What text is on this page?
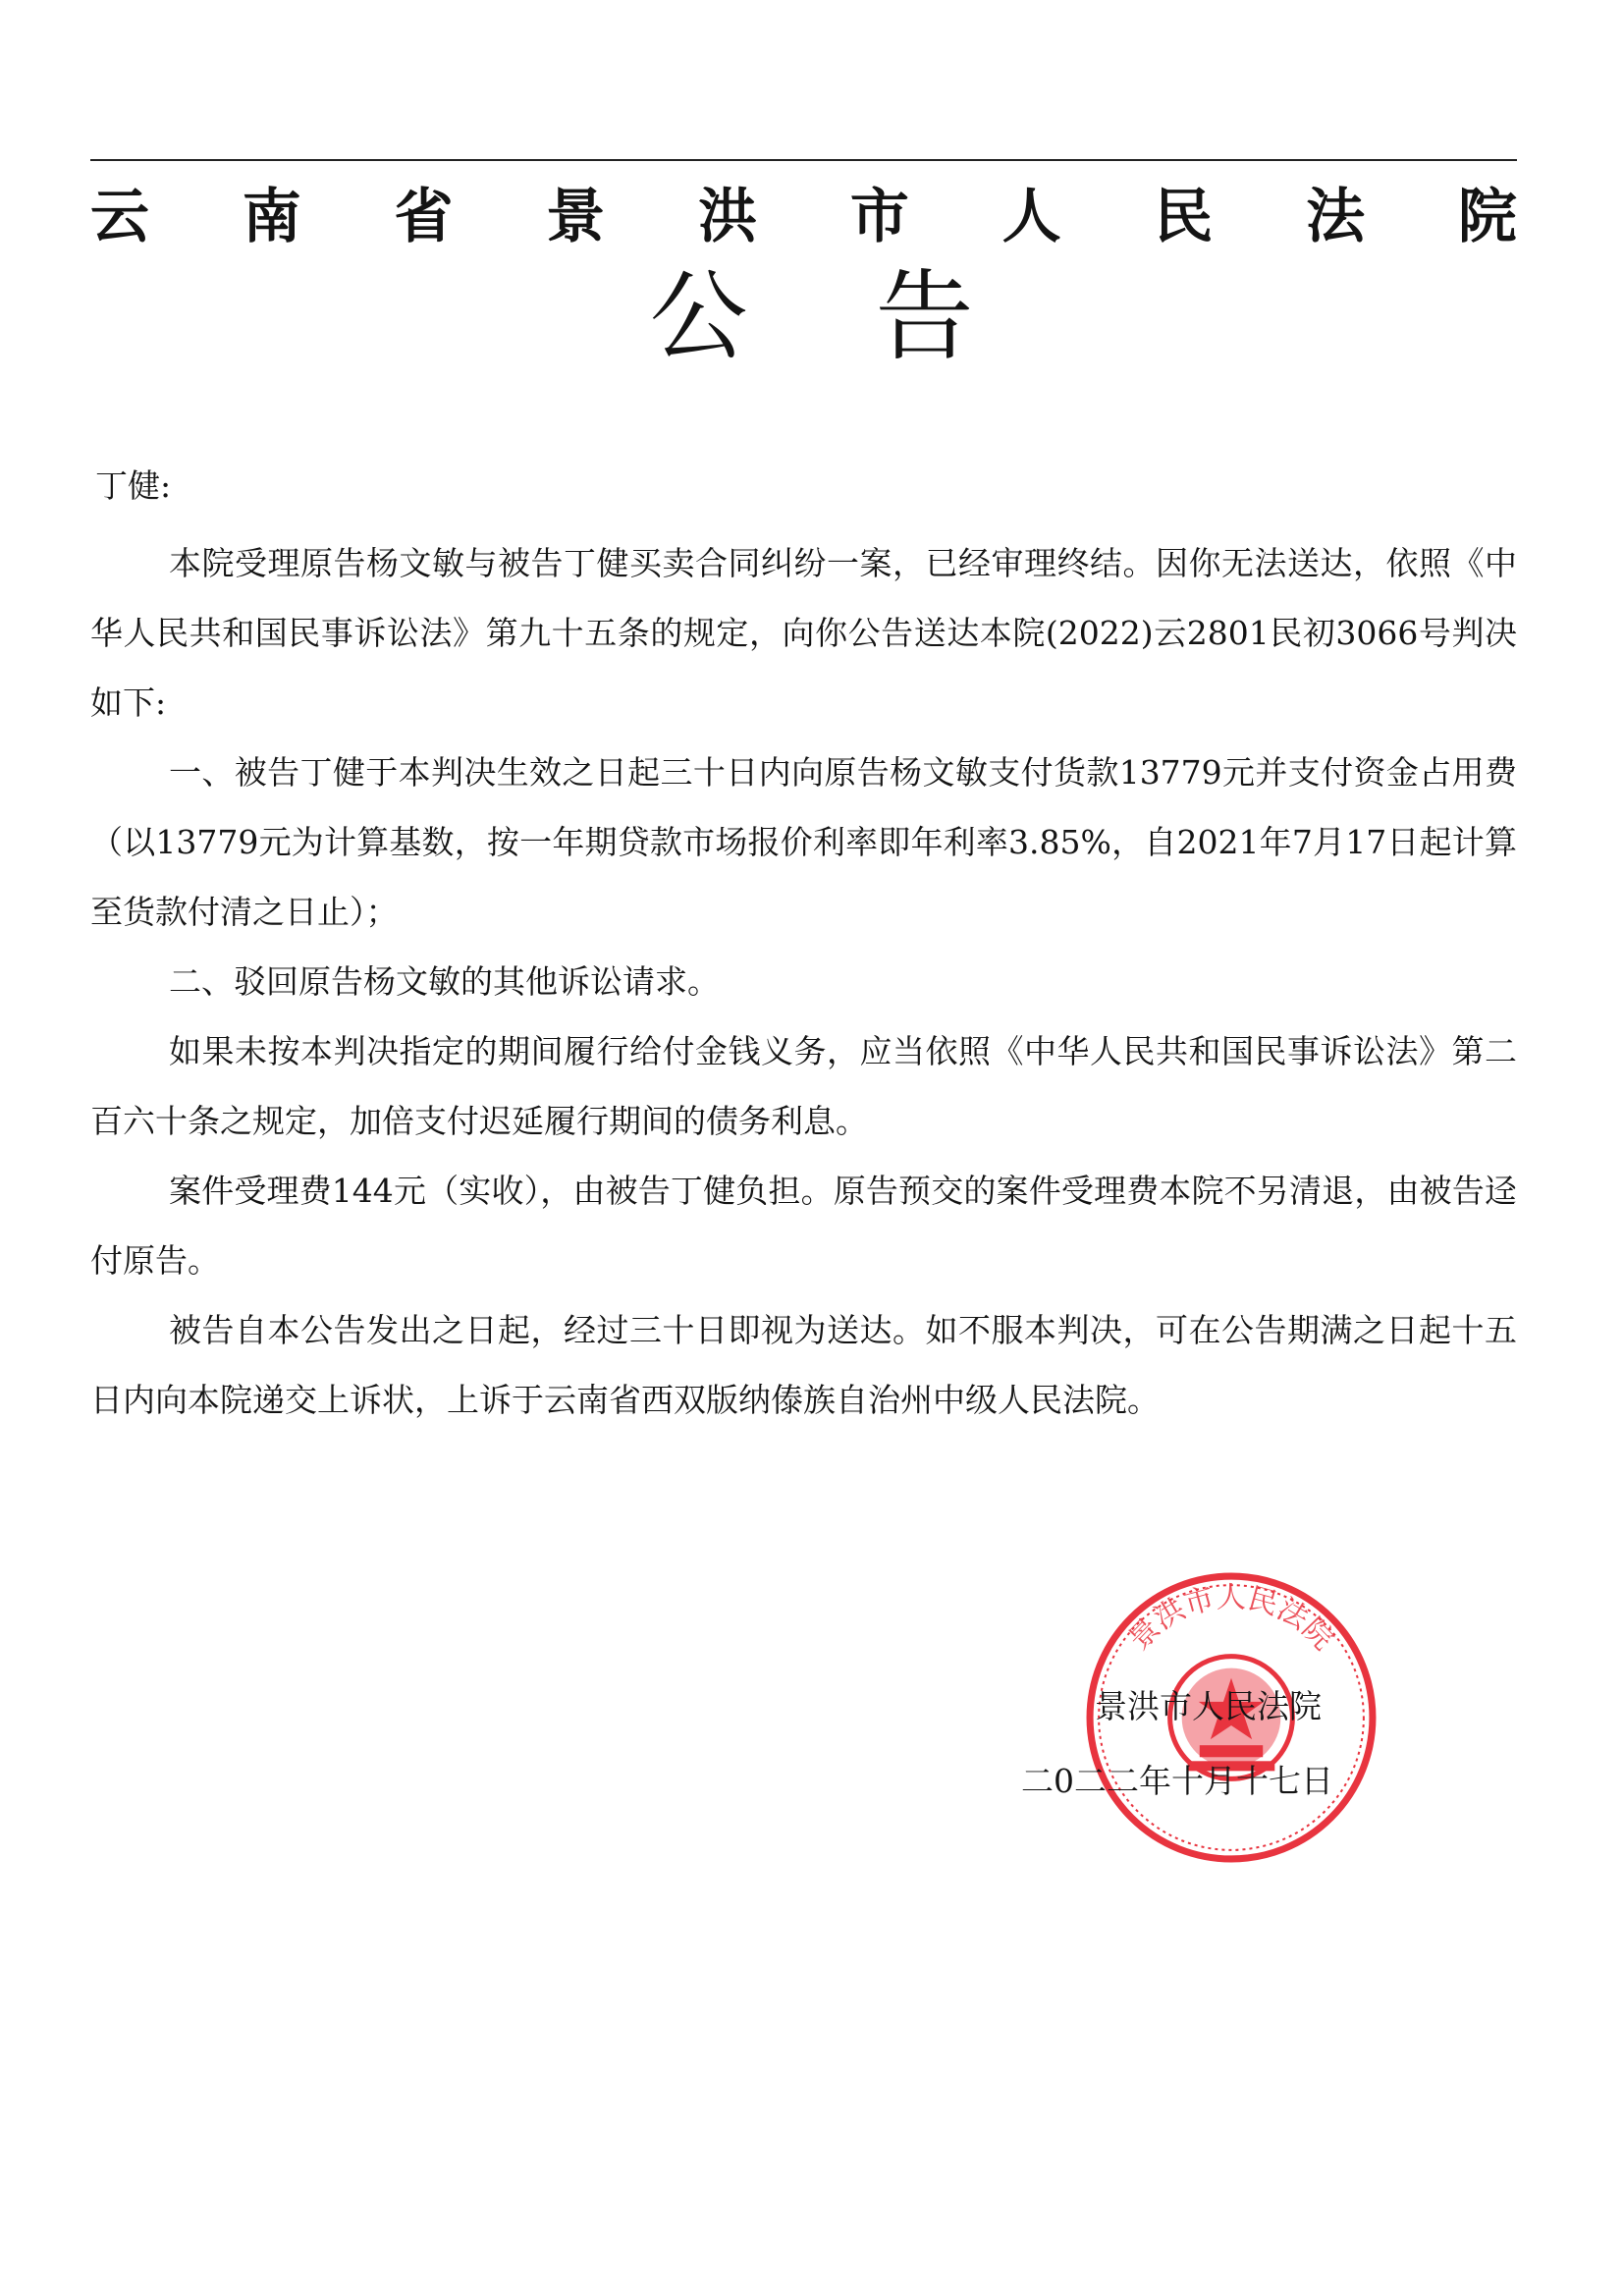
云 南 省 景 洪 市 人 民 法 院
公告
丁健:

本院受理原告杨文敏与被告丁健买卖合同纠纷一案，已经审理终结。因你无法送达，依照《中华人民共和国民事诉讼法》第九十五条的规定，向你公告送达本院(2022)云2801民初3066号判决如下:

一、被告丁健于本判决生效之日起三十日内向原告杨文敏支付货款13779元并支付资金占用费（以13779元为计算基数，按一年期贷款市场报价利率即年利率3.85%，自2021年7月17日起计算至货款付清之日止）；

二、驳回原告杨文敏的其他诉讼请求。

如果未按本判决指定的期间履行给付金钱义务，应当依照《中华人民共和国民事诉讼法》第二百六十条之规定，加倍支付迟延履行期间的债务利息。

案件受理费144元（实收），由被告丁健负担。原告预交的案件受理费本院不另清退，由被告迳付原告。

被告自本公告发出之日起，经过三十日即视为送达。如不服本判决，可在公告期满之日起十五日内向本院递交上诉状，上诉于云南省西双版纳傣族自治州中级人民法院。

景洪市人民法院
景洪市人民法院
二0二二年十月十七日
